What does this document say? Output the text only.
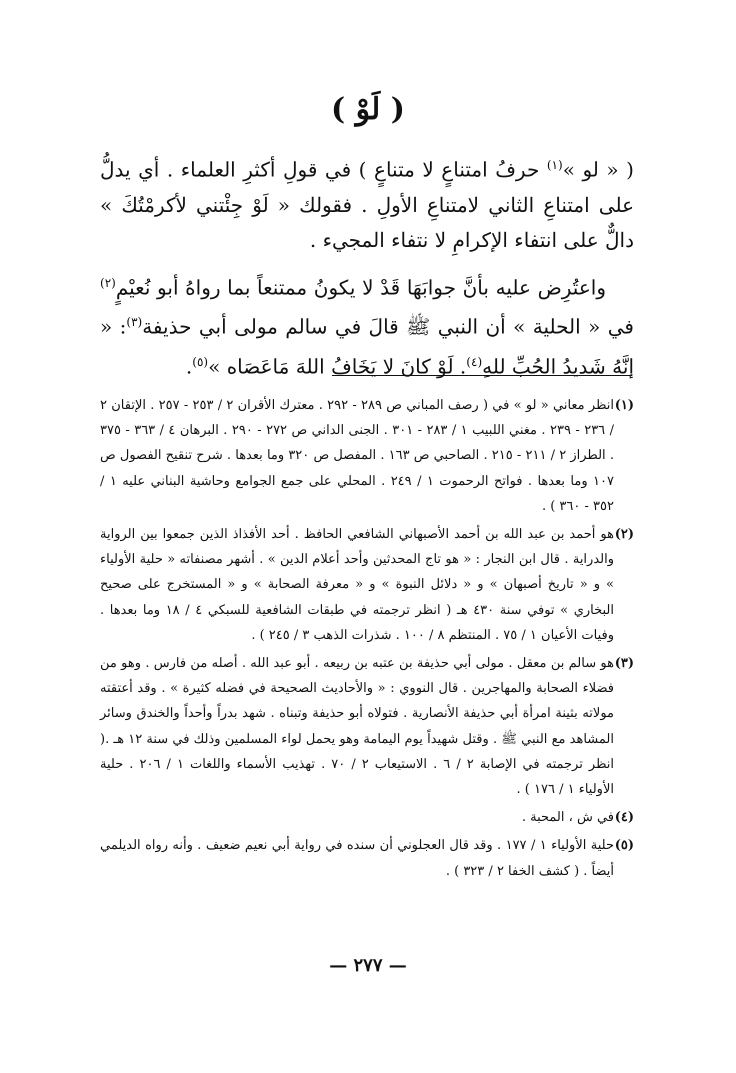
( لَوْ )

( « لو »$^{(١)}$ حرفُ امتناعٍ لا متناعٍ ) في قولِ أكثرِ العلماء . أي يدلُّ على امتناعِ الثاني لامتناعِ الأولِ . فقولك « لَوْ جِئْتني لأكرمْتُكَ » دالٌّ على انتفاء الإكرامِ لا نتفاء المجيء .

واعتُرِض عليه بأنَّ جوابَهَا قَدْ لا يكونُ ممتنعاً بما رواهُ أبو نُعيْمٍ$^{(٢)}$ في « الحلية » أن النبي ﷺ قالَ في سالم مولى أبي حذيفة$^{(٣)}$: « إنَّهُ شَديدُ الحُبِّ للهِ$^{(٤)}$. لَوْ كانَ لا يَخَافُ اللهَ مَاعَصَاه »$^{(٥)}$.

(١)
انظر معاني « لو » في ( رصف المباني ص ٢٨٩ - ٢٩٢ . معترك الأقران ٢ / ٢٥٣ - ٢٥٧ . الإتقان ٢ / ٢٣٦ - ٢٣٩ . مغني اللبيب ١ / ٢٨٣ - ٣٠١ . الجنى الداني ص ٢٧٢ - ٢٩٠ . البرهان ٤ / ٣٦٣ - ٣٧٥ . الطراز ٢ / ٢١١ - ٢١٥ . الصاحبي ص ١٦٣ . المفصل ص ٣٢٠ وما بعدها . شرح تنقيح الفصول ص ١٠٧ وما بعدها . فواتح الرحموت ١ / ٢٤٩ . المحلي على جمع الجوامع وحاشية البناني عليه ١ / ٣٥٢ - ٣٦٠ ) .
(٢)
هو أحمد بن عبد الله بن أحمد الأصبهاني الشافعي الحافظ . أحد الأفذاذ الذين جمعوا بين الرواية والدراية . قال ابن النجار : « هو تاج المحدثين وأحد أعلام الدين » . أشهر مصنفاته « حلية الأولياء » و « تاريخ أصبهان » و « دلائل النبوة » و « معرفة الصحابة » و « المستخرج على صحيح البخاري » توفي سنة ٤٣٠ هـ ( انظر ترجمته في طبقات الشافعية للسبكي ٤ / ١٨ وما بعدها . وفيات الأعيان ١ / ٧٥ . المنتظم ٨ / ١٠٠ . شذرات الذهب ٣ / ٢٤٥ ) .
(٣)
هو سالم بن معقل . مولى أبي حذيفة بن عتبه بن ربيعه . أبو عبد الله . أصله من فارس . وهو من فضلاء الصحابة والمهاجرين . قال النووي : « والأحاديث الصحيحة في فضله كثيرة » . وقد أعتقته مولاته بثينة امرأة أبي حذيفة الأنصارية . فتولاه أبو حذيفة وتبناه . شهد بدراً وأحداً والخندق وسائر المشاهد مع النبي ﷺ . وقتل شهيداً يوم اليمامة وهو يحمل لواء المسلمين وذلك في سنة ١٢ هـ .( انظر ترجمته في الإصابة ٢ / ٦ . الاستيعاب ٢ / ٧٠ . تهذيب الأسماء واللغات ١ / ٢٠٦ . حلية الأولياء ١ / ١٧٦ ) .
(٤)
في ش ، المحبة .
(٥)
حلية الأولياء ١ / ١٧٧ . وقد قال العجلوني أن سنده في رواية أبي نعيم ضعيف . وأنه رواه الديلمي أيضاً . ( كشف الخفا ٢ / ٣٢٣ ) .
— ٢٧٧ —
